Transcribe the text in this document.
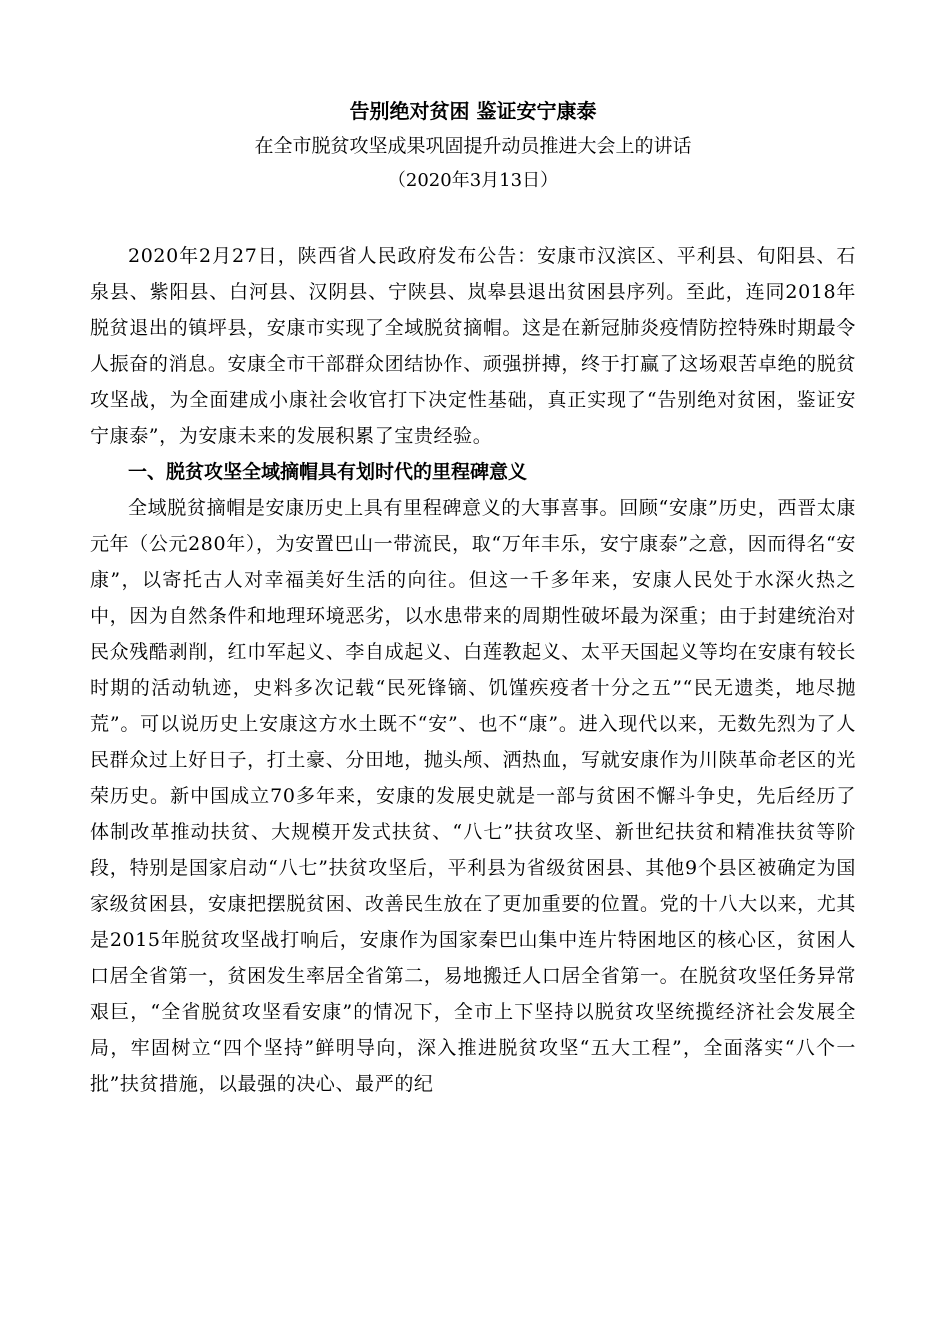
告别绝对贫困 鉴证安宁康泰

在全市脱贫攻坚成果巩固提升动员推进大会上的讲话

（2020年3月13日）

2020年2月27日，陕西省人民政府发布公告：安康市汉滨区、平利县、旬阳县、石泉县、紫阳县、白河县、汉阴县、宁陕县、岚皋县退出贫困县序列。至此，连同2018年脱贫退出的镇坪县，安康市实现了全域脱贫摘帽。这是在新冠肺炎疫情防控特殊时期最令人振奋的消息。安康全市干部群众团结协作、顽强拼搏，终于打赢了这场艰苦卓绝的脱贫攻坚战，为全面建成小康社会收官打下决定性基础，真正实现了“告别绝对贫困，鉴证安宁康泰”，为安康未来的发展积累了宝贵经验。

一、脱贫攻坚全域摘帽具有划时代的里程碑意义

全域脱贫摘帽是安康历史上具有里程碑意义的大事喜事。回顾“安康”历史，西晋太康元年（公元280年），为安置巴山一带流民，取“万年丰乐，安宁康泰”之意，因而得名“安康”，以寄托古人对幸福美好生活的向往。但这一千多年来，安康人民处于水深火热之中，因为自然条件和地理环境恶劣，以水患带来的周期性破坏最为深重；由于封建统治对民众残酷剥削，红巾军起义、李自成起义、白莲教起义、太平天国起义等均在安康有较长时期的活动轨迹，史料多次记载“民死锋镝、饥馑疾疫者十分之五”“民无遗类，地尽抛荒”。可以说历史上安康这方水土既不“安”、也不“康”。进入现代以来，无数先烈为了人民群众过上好日子，打土豪、分田地，抛头颅、洒热血，写就安康作为川陕革命老区的光荣历史。新中国成立70多年来，安康的发展史就是一部与贫困不懈斗争史，先后经历了体制改革推动扶贫、大规模开发式扶贫、“八七”扶贫攻坚、新世纪扶贫和精准扶贫等阶段，特别是国家启动“八七”扶贫攻坚后，平利县为省级贫困县、其他9个县区被确定为国家级贫困县，安康把摆脱贫困、改善民生放在了更加重要的位置。党的十八大以来，尤其是2015年脱贫攻坚战打响后，安康作为国家秦巴山集中连片特困地区的核心区，贫困人口居全省第一，贫困发生率居全省第二，易地搬迁人口居全省第一。在脱贫攻坚任务异常艰巨，“全省脱贫攻坚看安康”的情况下，全市上下坚持以脱贫攻坚统揽经济社会发展全局，牢固树立“四个坚持”鲜明导向，深入推进脱贫攻坚“五大工程”，全面落实“八个一批”扶贫措施，以最强的决心、最严的纪
